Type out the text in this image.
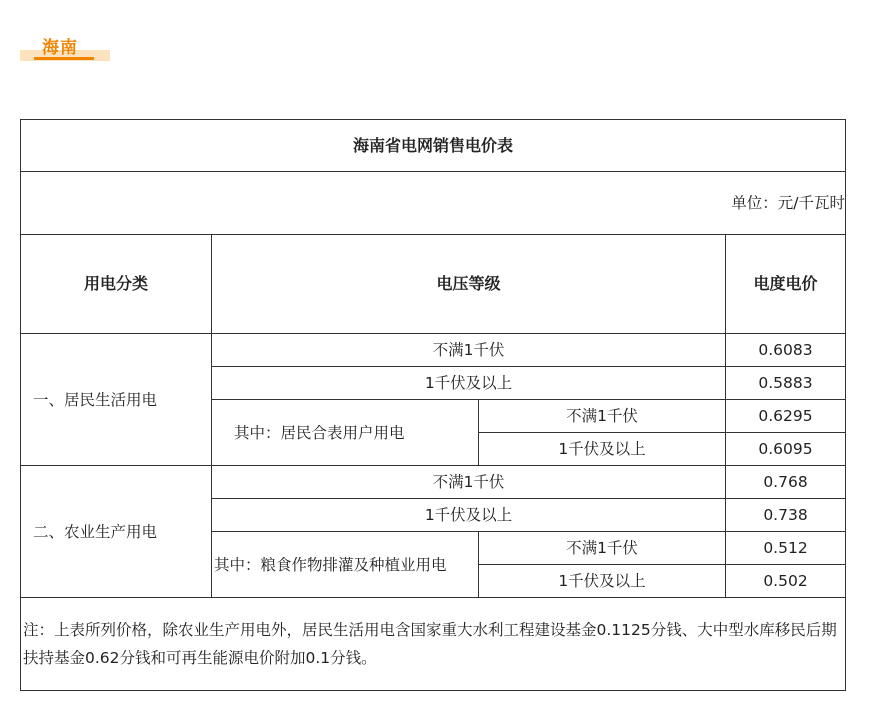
海南
海南省电网销售电价表			
单位：元/千瓦时			
用电分类	电压等级		电度电价
一、居民生活用电	不满1千伏		0.6083
	1千伏及以上		0.5883
	其中：居民合表用户用电	不满1千伏	0.6295
		1千伏及以上	0.6095
二、农业生产用电	不满1千伏		0.768
	1千伏及以上		0.738
	其中：粮食作物排灌及种植业用电	不满1千伏	0.512
		1千伏及以上	0.502
注：上表所列价格，除农业生产用电外，居民生活用电含国家重大水利工程建设基金0.1125分钱、大中型水库移民后期扶持基金0.62分钱和可再生能源电价附加0.1分钱。			
